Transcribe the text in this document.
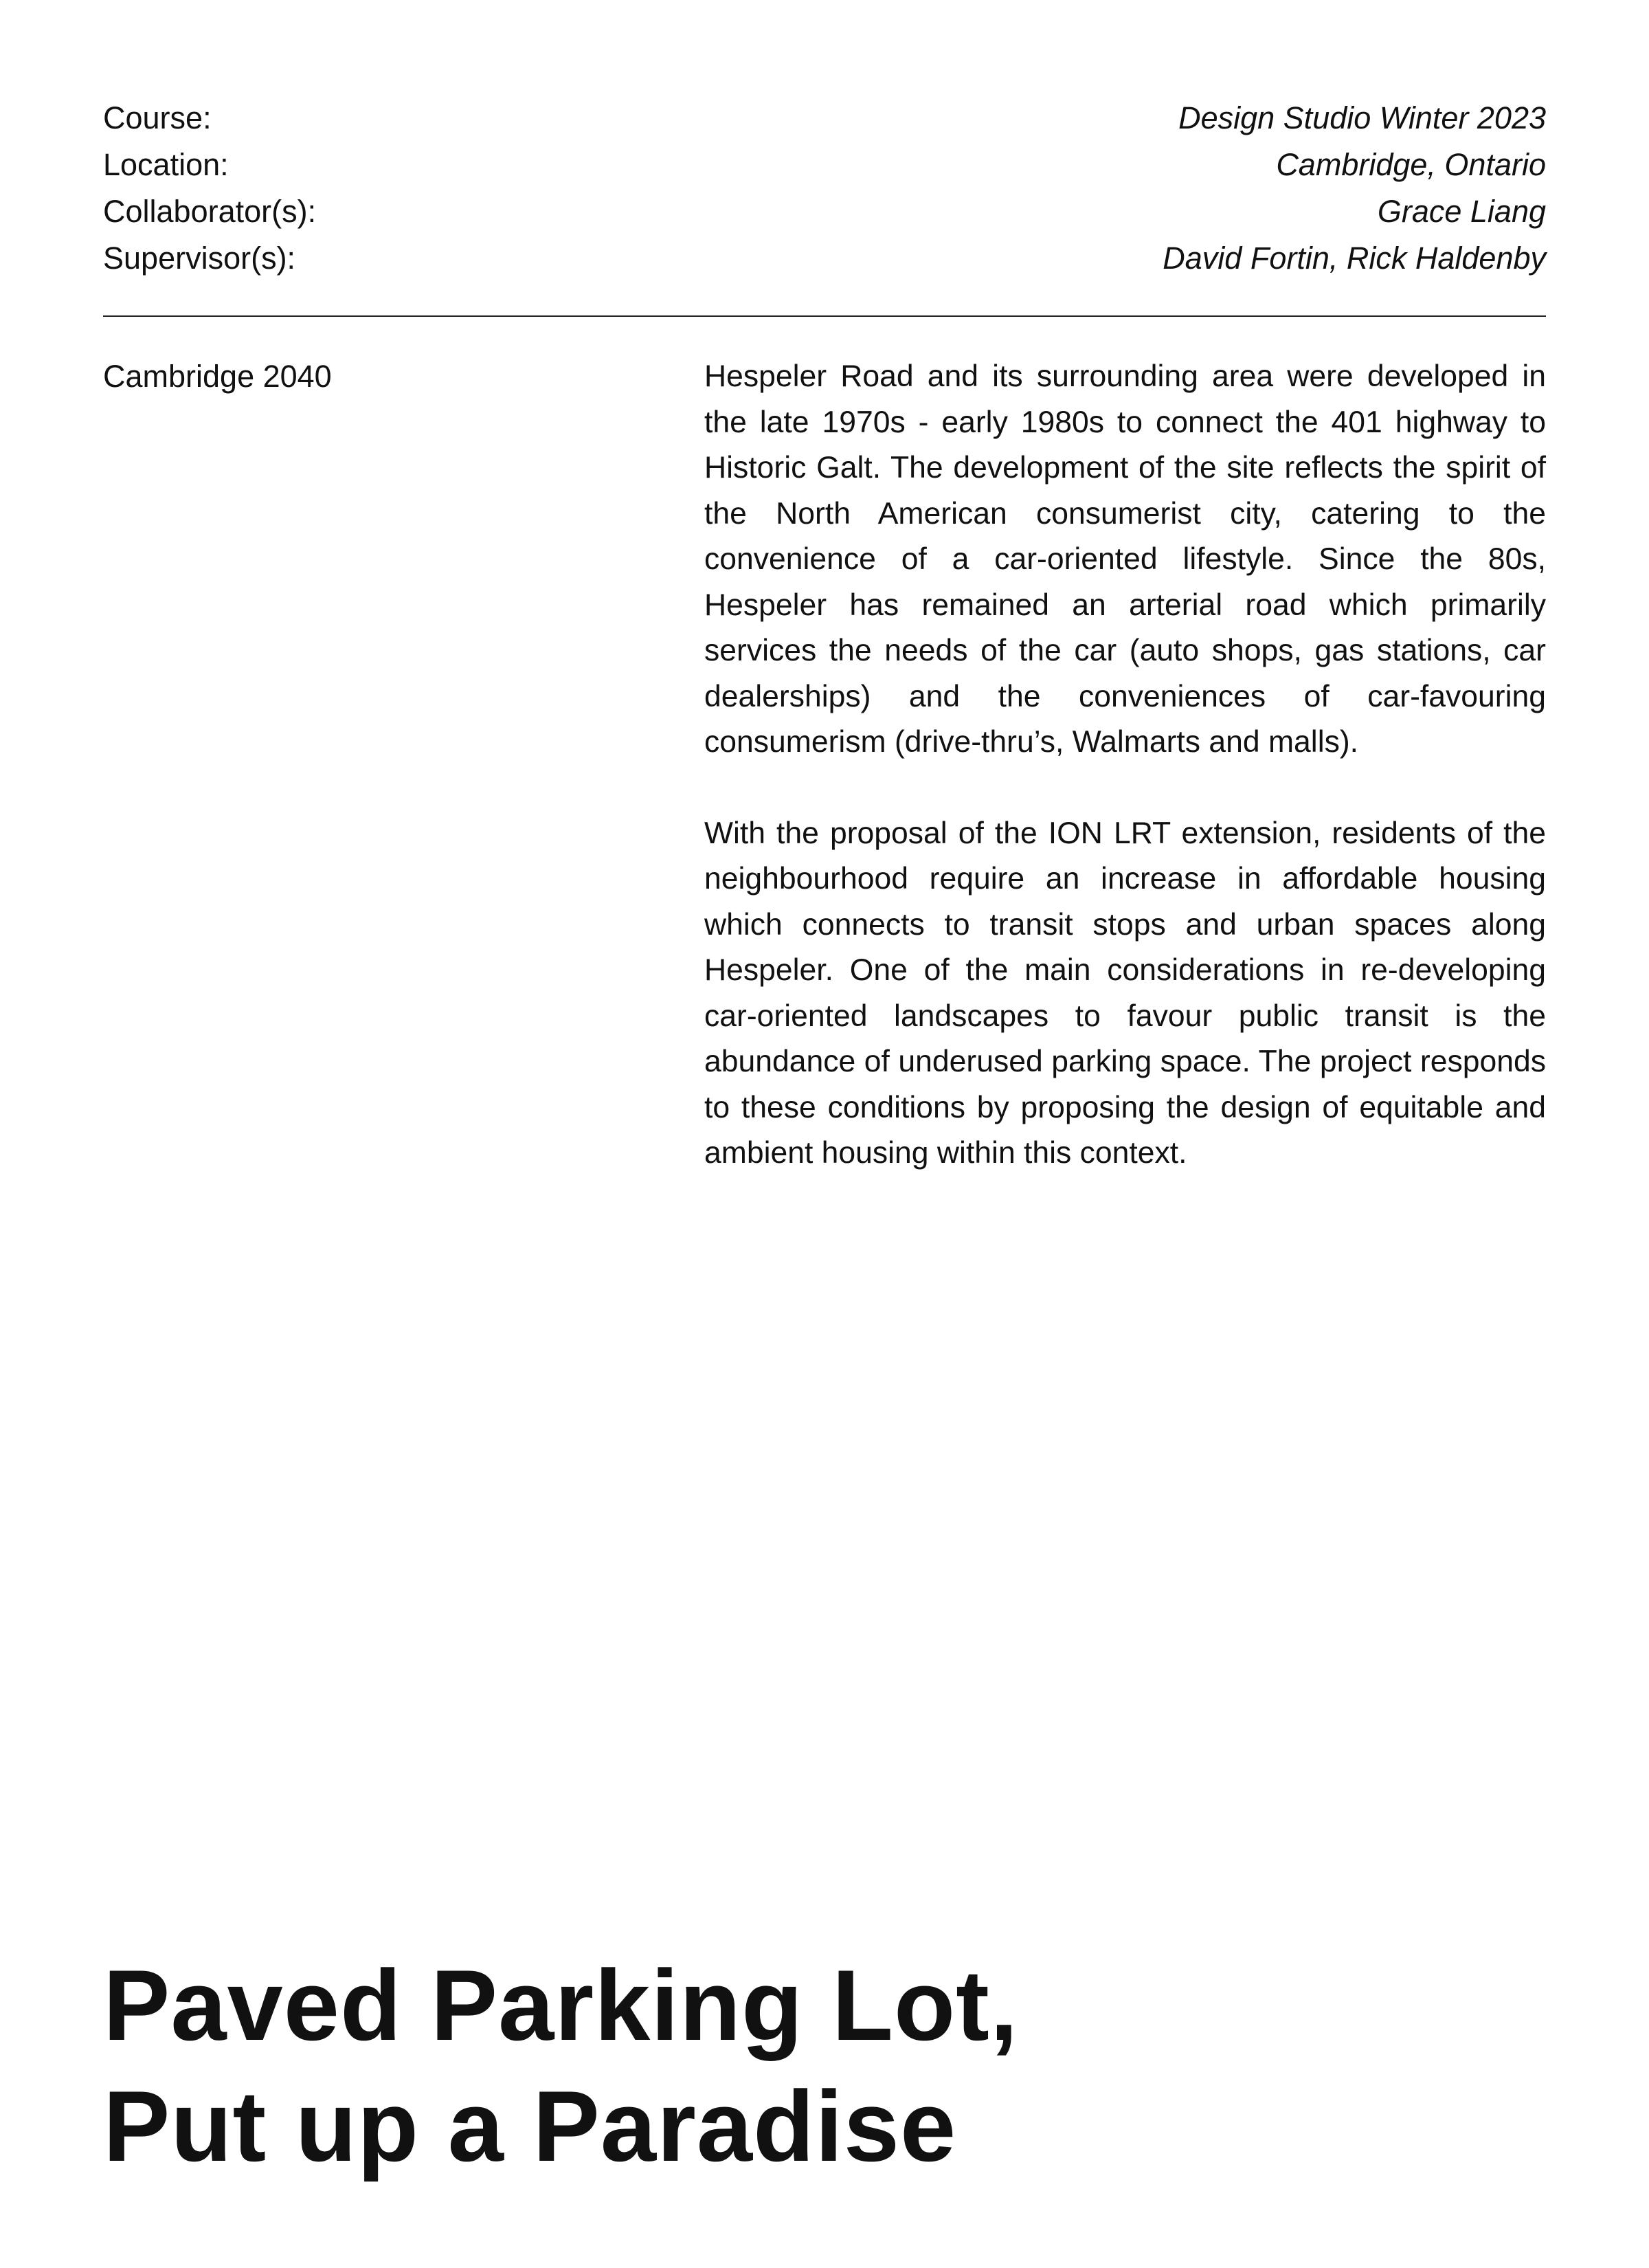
Course:	Design Studio Winter 2023
Location:	Cambridge, Ontario
Collaborator(s):	Grace Liang
Supervisor(s):	David Fortin, Rick Haldenby
Cambridge 2040	Hespeler Road and its surrounding area were developed in the late 1970s - early 1980s to connect the 401 highway to Historic Galt. The development of the site reflects the spirit of the North American consumerist city, catering to the convenience of a car-oriented lifestyle. Since the 80s, Hespeler has remained an arterial road which primarily services the needs of the car (auto shops, gas stations, car dealerships) and the conveniences of car-favouring consumerism (drive-thru’s, Walmarts and malls).

With the proposal of the ION LRT extension, residents of the neighbourhood require an increase in affordable housing which connects to transit stops and urban spaces along Hespeler. One of the main considerations in re-developing car-oriented landscapes to favour public transit is the abundance of underused parking space. The project responds to these conditions by proposing the design of equitable and ambient housing within this context.

Paved Parking Lot,
Put up a Paradise
